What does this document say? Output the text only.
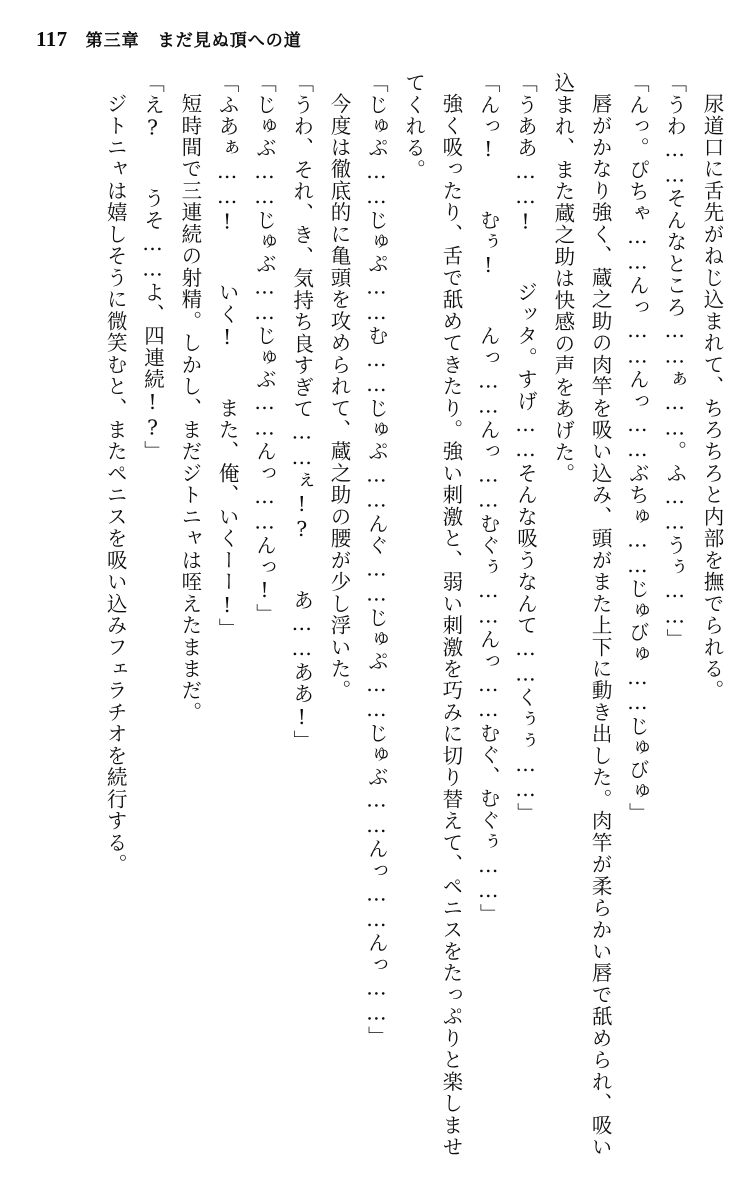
117 第三章 まだ見ぬ頂への道

尿道口に舌先がねじ込まれて、ちろちろと内部を撫でられる。

「うわ……そんなところ……ぁ……。ふ……うぅ……」

「んっ。ぴちゃ……んっ……んっ……ぶちゅ……じゅびゅ……じゅびゅ」

唇がかなり強く、蔵之助の肉竿を吸い込み、頭がまた上下に動き出した。肉竿が柔らかい唇で舐められ、吸い込まれ、また蔵之助は快感の声をあげた。

「うああ……! 　ジッタ。すげ……そんな吸うなんて……くぅぅ……」

「んっ! 　むぅ! 　んっ……んっ……むぐぅ……んっ……むぐ、むぐぅ……」

強く吸ったり、舌で舐めてきたり。強い刺激と、弱い刺激を巧みに切り替えて、ペニスをたっぷりと楽しませてくれる。

「じゅぷ……じゅぷ……む……じゅぷ……んぐ……じゅぷ……じゅぶ……んっ……んっ……」

今度は徹底的に亀頭を攻められて、蔵之助の腰が少し浮いた。

「うわ、それ、き、気持ち良すぎて……ぇ!? 　あ……ああ!」

「じゅぶ……じゅぶ……じゅぶ……んっ……んっ!」

「ふあぁ……! 　いく! 　また、俺、いくーー!」

短時間で三連続の射精。しかし、まだジトニャは咥えたままだ。

「え? 　うそ……よ、四連続!?」

ジトニャは嬉しそうに微笑むと、またペニスを吸い込みフェラチオを続行する。
